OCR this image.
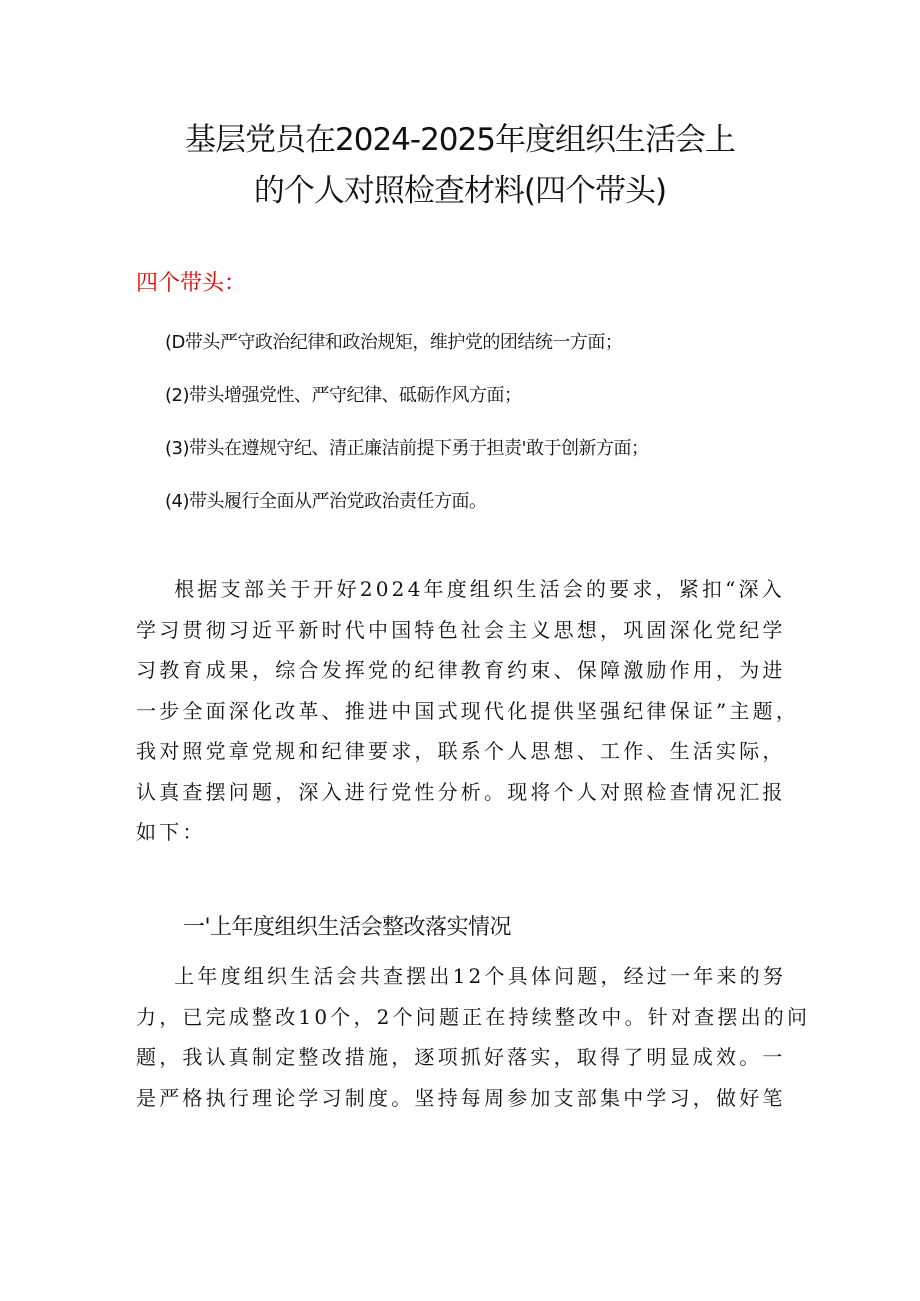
基层党员在2024-2025年度组织生活会上
的个人对照检查材料(四个带头)
四个带头：
(D带头严守政治纪律和政治规矩，维护党的团结统一方面；
(2)带头增强党性、严守纪律、砥砺作风方面；
(3)带头在遵规守纪、清正廉洁前提下勇于担责'敢于创新方面；
(4)带头履行全面从严治党政治责任方面。
根据支部关于开好2024年度组织生活会的要求，紧扣“深入
学习贯彻习近平新时代中国特色社会主义思想，巩固深化党纪学
习教育成果，综合发挥党的纪律教育约束、保障激励作用，为进
一步全面深化改革、推进中国式现代化提供坚强纪律保证”主题，
我对照党章党规和纪律要求，联系个人思想、工作、生活实际，
认真查摆问题，深入进行党性分析。现将个人对照检查情况汇报
如下：
一'上年度组织生活会整改落实情况
上年度组织生活会共查摆出12个具体问题，经过一年来的努
力，已完成整改10个，2个问题正在持续整改中。针对查摆出的问
题，我认真制定整改措施，逐项抓好落实，取得了明显成效。一
是严格执行理论学习制度。坚持每周参加支部集中学习，做好笔
